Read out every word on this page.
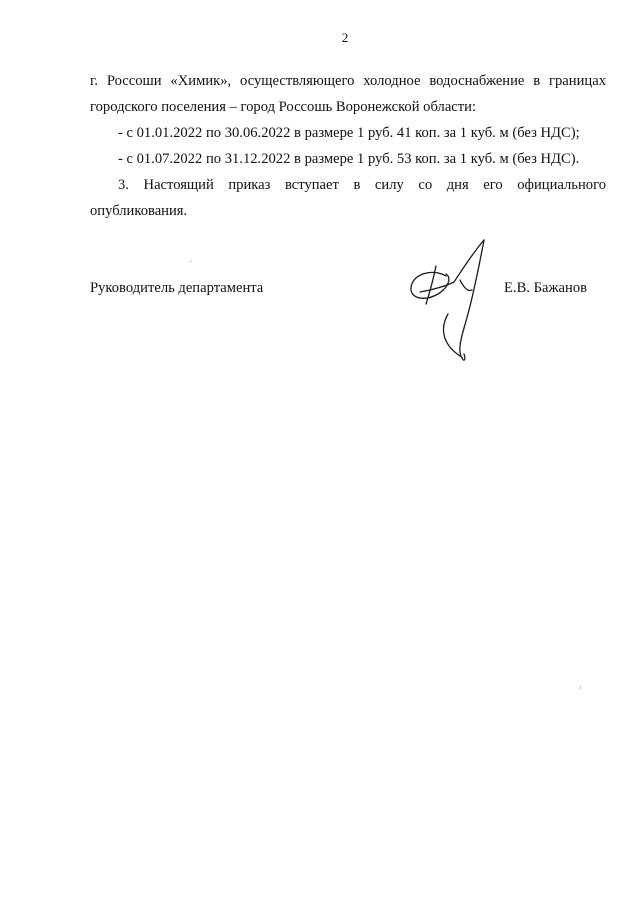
2
г. Россоши «Химик», осуществляющего холодное водоснабжение в границах
городского поселения – город Россошь Воронежской области:

- с 01.01.2022 по 30.06.2022 в размере 1 руб. 41 коп. за 1 куб. м (без НДС);

- с 01.07.2022 по 31.12.2022 в размере 1 руб. 53 коп. за 1 куб. м (без НДС).

3. Настоящий приказ вступает в силу со дня его официального опубликования.

Руководитель департамента	Е.В. Бажанов
